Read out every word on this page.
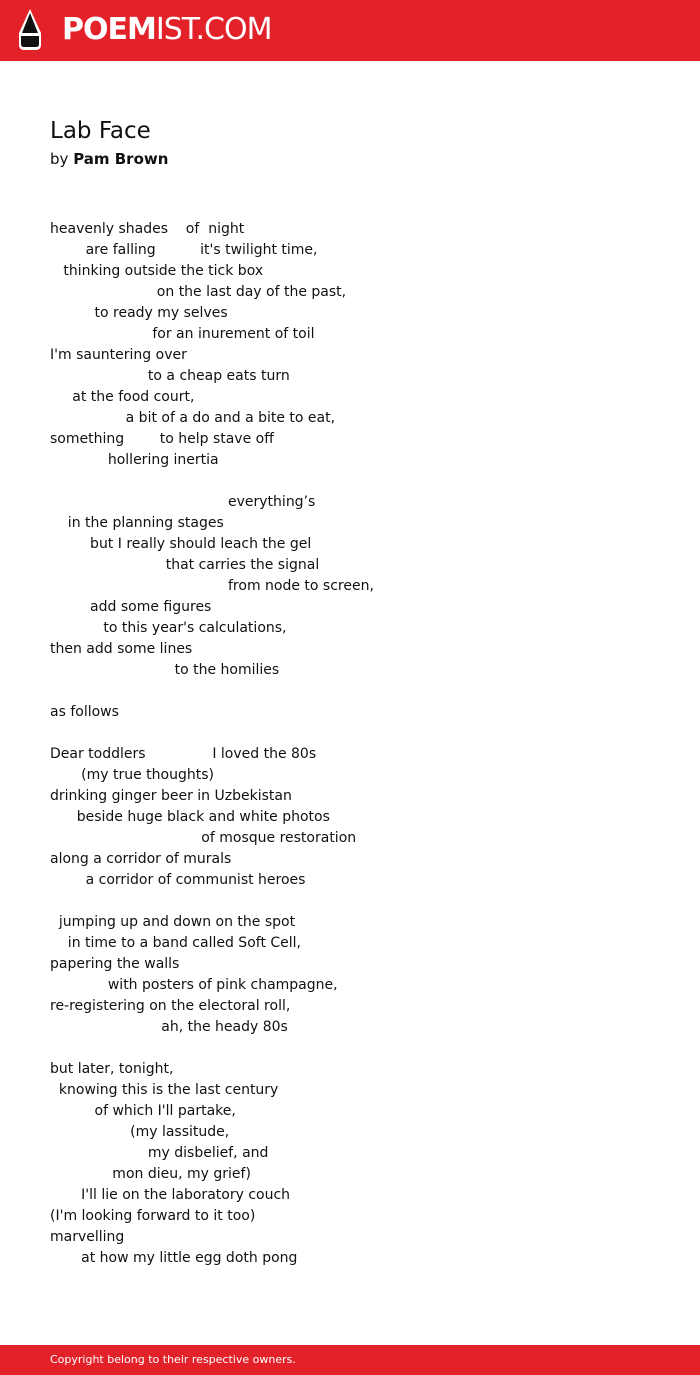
POEMIST.COM
Lab Face
by Pam Brown
heavenly shades    of  night
are falling          it's twilight time,
thinking outside the tick box
on the last day of the past,
to ready my selves
for an inurement of toil
I'm sauntering over
to a cheap eats turn
at the food court,
a bit of a do and a bite to eat,
something        to help stave off
hollering inertia
everything’s
in the planning stages
but I really should leach the gel
that carries the signal
from node to screen,
add some figures
to this year's calculations,
then add some lines
to the homilies
as follows
Dear toddlers               I loved the 80s
(my true thoughts)
drinking ginger beer in Uzbekistan
beside huge black and white photos
of mosque restoration
along a corridor of murals
a corridor of communist heroes
jumping up and down on the spot
in time to a band called Soft Cell,
papering the walls
with posters of pink champagne,
re-registering on the electoral roll,
ah, the heady 80s
but later, tonight,
knowing this is the last century
of which I'll partake,
(my lassitude,
my disbelief, and
mon dieu, my grief)
I'll lie on the laboratory couch
(I'm looking forward to it too)
marvelling
at how my little egg doth pong
Copyright belong to their respective owners.
